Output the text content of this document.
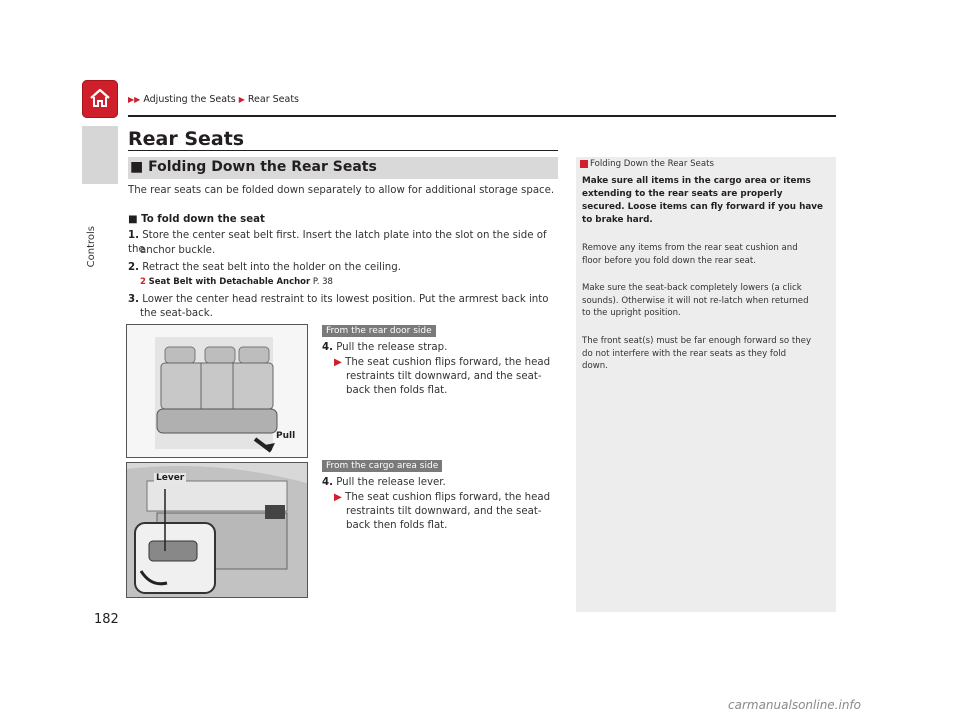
Controls
182
▶▶ Adjusting the Seats ▶ Rear Seats
Rear Seats
■ Folding Down the Rear Seats
The rear seats can be folded down separately to allow for additional storage space.
■ To fold down the seat
1. Store the center seat belt first. Insert the latch plate into the slot on the side of the
anchor buckle.
2. Retract the seat belt into the holder on the ceiling.
2 Seat Belt with Detachable Anchor P. 38
3. Lower the center head restraint to its lowest position. Put the armrest back into
the seat-back.
Pull
From the rear door side
4. Pull the release strap.
▶ The seat cushion flips forward, the head
restraints tilt downward, and the seat-
back then folds flat.
Lever
From the cargo area side
4. Pull the release lever.
▶ The seat cushion flips forward, the head
restraints tilt downward, and the seat-
back then folds flat.
Folding Down the Rear Seats
Make sure all items in the cargo area or items
extending to the rear seats are properly
secured. Loose items can fly forward if you have
to brake hard.
Remove any items from the rear seat cushion and
floor before you fold down the rear seat.
Make sure the seat-back completely lowers (a click
sounds). Otherwise it will not re-latch when returned
to the upright position.
The front seat(s) must be far enough forward so they
do not interfere with the rear seats as they fold
down.
carmanualsonline.info
